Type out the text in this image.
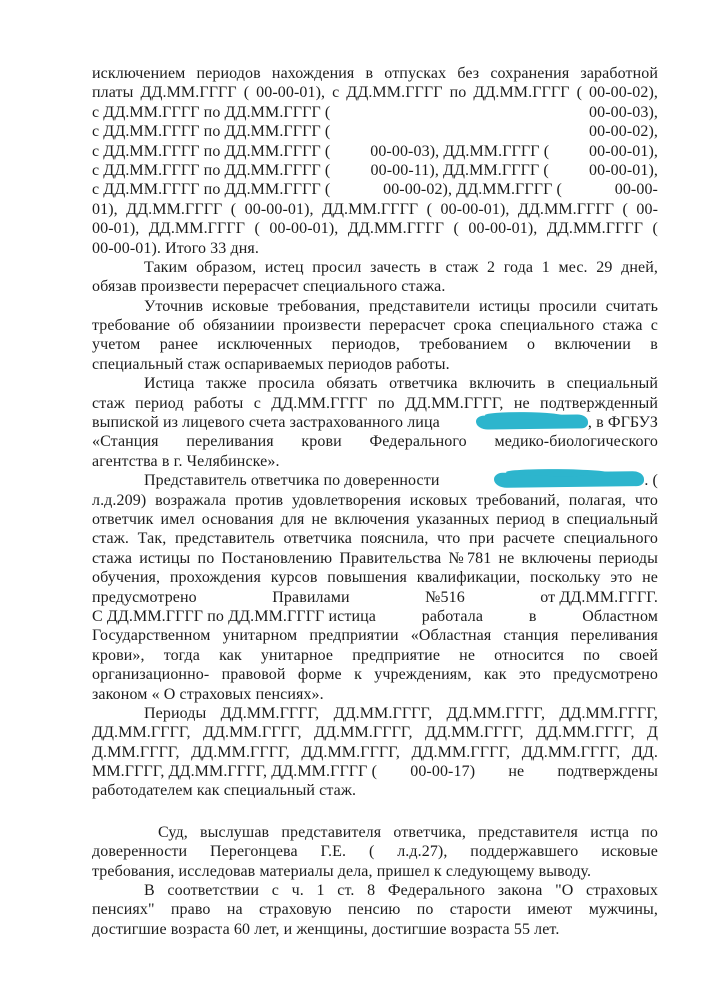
исключением периодов нахождения в отпусках без сохранения заработной
платы ДД.ММ.ГГГГ ( 00-00-01), с ДД.ММ.ГГГГ по ДД.ММ.ГГГГ ( 00-00-02),
с ДД.ММ.ГГГГ по ДД.ММ.ГГГГ (	00-00-03),
с ДД.ММ.ГГГГ по ДД.ММ.ГГГГ (	00-00-02),
с ДД.ММ.ГГГГ по ДД.ММ.ГГГГ ( 00-00-03), ДД.ММ.ГГГГ ( 00-00-01),
с ДД.ММ.ГГГГ по ДД.ММ.ГГГГ (	00-00-11), ДД.ММ.ГГГГ (	00-00-01),
с ДД.ММ.ГГГГ по ДД.ММ.ГГГГ (	00-00-02), ДД.ММ.ГГГГ (	00-00-
01), ДД.ММ.ГГГГ ( 00-00-01), ДД.ММ.ГГГГ ( 00-00-01), ДД.ММ.ГГГГ ( 00-
00-01), ДД.ММ.ГГГГ ( 00-00-01), ДД.ММ.ГГГГ ( 00-00-01), ДД.ММ.ГГГГ (
00-00-01). Итого 33 дня.
Таким образом, истец просил зачесть в стаж 2 года 1 мес. 29 дней,
обязав произвести перерасчет специального стажа.
Уточнив исковые требования, представители истицы просили считать
требование об обязаниии произвести перерасчет срока специального стажа с
учетом ранее исключенных периодов, требованием о включении в
специальный стаж оспариваемых периодов работы.
Истица также просила обязать ответчика включить в специальный
стаж период работы с ДД.ММ.ГГГГ по ДД.ММ.ГГГГ, не подтвержденный
выпиской из лицевого счета застрахованного лица	, в ФГБУЗ
«Станция переливания крови Федерального медико-биологического
агентства в г. Челябинске».
Представитель ответчика по доверенности	. (
л.д.209) возражала против удовлетворения исковых требований, полагая, что
ответчик имел основания для не включения указанных период в специальный
стаж. Так, представитель ответчика пояснила, что при расчете специального
стажа истицы по Постановлению Правительства №781 не включены периоды
обучения, прохождения курсов повышения квалификации, поскольку это не
предусмотрено	Правилами	№516	от ДД.ММ.ГГГГ.
С ДД.ММ.ГГГГ по ДД.ММ.ГГГГ истица	работала	в	Областном
Государственном унитарном предприятии «Областная станция переливания
крови», тогда как унитарное предприятие не относится по своей
организационно- правовой форме к учреждениям, как это предусмотрено
законом « О страховых пенсиях».
Периоды ДД.ММ.ГГГГ, ДД.ММ.ГГГГ, ДД.ММ.ГГГГ, ДД.ММ.ГГГГ,
ДД.ММ.ГГГГ, ДД.ММ.ГГГГ, ДД.ММ.ГГГГ, ДД.ММ.ГГГГ, ДД.ММ.ГГГГ, Д
Д.ММ.ГГГГ, ДД.ММ.ГГГГ, ДД.ММ.ГГГГ, ДД.ММ.ГГГГ, ДД.ММ.ГГГГ, ДД.
ММ.ГГГГ, ДД.ММ.ГГГГ, ДД.ММ.ГГГГ ( 00-00-17) не подтверждены
работодателем как специальный стаж.
Суд, выслушав представителя ответчика, представителя истца по
доверенности Перегонцева Г.Е. ( л.д.27), поддержавшего исковые
требования, исследовав материалы дела, пришел к следующему выводу.
В соответствии с ч. 1 ст. 8 Федерального закона "О страховых
пенсиях" право на страховую пенсию по старости имеют мужчины,
достигшие возраста 60 лет, и женщины, достигшие возраста 55 лет.
